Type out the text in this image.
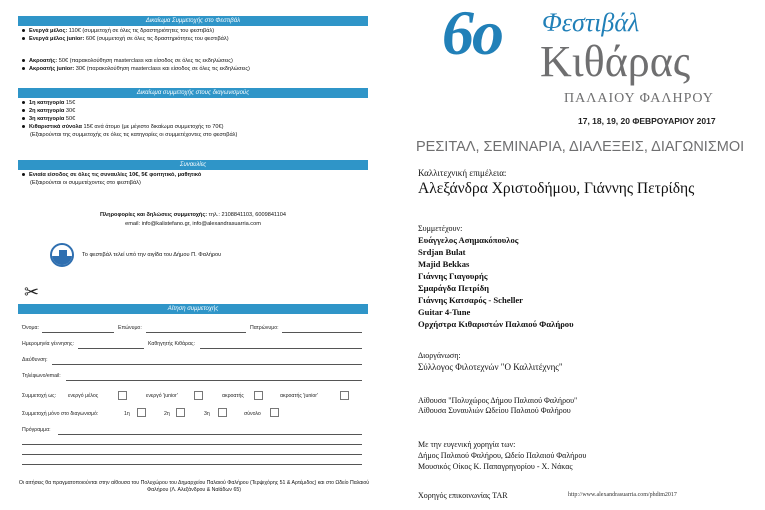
Δικαίωμα Συμμετοχής στο Φεστιβάλ
Ενεργά μέλος: 110€ (συμμετοχή σε όλες τις δραστηριότητες του φεστιβάλ)
Ενεργά μέλος junior: 60€ (συμμετοχή σε όλες τις δραστηριότητες του φεστιβάλ)
Ακροατής: 50€ (παρακολούθηση masterclass και είσοδος σε όλες τις εκδηλώσεις)
Ακροατής junior: 30€ (παρακολούθηση masterclass και είσοδος σε όλες τις εκδηλώσεις)
Δικαίωμα συμμετοχής στους διαγωνισμούς
1η κατηγορία 15€
2η κατηγορία 30€
3η κατηγορία 50€
Κιθαριστικά σύνολα 15€ ανά άτομο (με μέγιστο δικαίωμα συμμετοχής το 70€)
(Εξαιρούνται της συμμετοχής σε όλες τις κατηγορίες οι συμμετέχοντες στο φεστιβάλ)
Συναυλίες
Ενιαία είσοδος σε όλες τις συναυλίες 10€, 5€ φοιτητικό, μαθητικό
(Εξαιρούνται οι συμμετέχοντες στο φεστιβάλ)
Πληροφορίες και δηλώσεις συμμετοχής: τηλ.: 2108841103, 6009841104
email: info@kalistefano.gr, info@alexandrasuarria.com
Το φεστιβάλ τελεί υπό την αιγίδα του Δήμου Π. Φαλήρου
✂
Αίτηση συμμετοχής
Όνομα:	Επώνυμο:	Πατρώνυμο:
Ημερομηνία γέννησης:	Καθηγητής Κιθάρας:
Διεύθυνση:
Τηλέφωνο/email:
Συμμετοχή ως: ενεργό μέλος	ενεργό 'junior'	ακροατής	ακροατής 'junior'
Συμμετοχή μόνο στο διαγωνισμό:	1η	2η	3η	σύνολο
Πρόγραμμα:
Οι αιτήσεις θα πραγματοποιούνται στην αίθουσα του Πολυχώρου του Δημαρχείου Παλαιού Φαλήρου (Τερψιχόρης 51 & Αρτέμιδος) και στο Ωδείο Παλαιού Φαλήρου (Λ. Αλεξάνδρου & Ναϊάδων 65)
6ο Φεστιβάλ
Κιθάρας
ΠΑΛΑΙΟΥ ΦΑΛΗΡΟΥ
17, 18, 19, 20 ΦΕΒΡΟΥΑΡΙΟΥ 2017
ΡΕΣΙΤΑΛ, ΣΕΜΙΝΑΡΙΑ, ΔΙΑΛΕΞΕΙΣ, ΔΙΑΓΩΝΙΣΜΟΙ
Καλλιτεχνική επιμέλεια:
Αλεξάνδρα Χριστοδήμου, Γιάννης Πετρίδης
Συμμετέχουν:
Ευάγγελος Ασημακόπουλος
Srdjan Bulat
Majid Bekkas
Γιάννης Γιαγουρής
Σμαράγδα Πετρίδη
Γιάννης Κατσαρός - Scheller
Guitar 4-Tune
Ορχήστρα Κιθαριστών Παλαιού Φαλήρου
Διοργάνωση:
Σύλλογος Φιλοτεχνών "Ο Καλλιτέχνης"
Αίθουσα "Πολυχώρος Δήμου Παλαιού Φαλήρου"
Αίθουσα Συναυλιών Ωδείου Παλαιού Φαλήρου
Με την ευγενική χορηγία των:
Δήμος Παλαιού Φαλήρου, Ωδείο Παλαιού Φαλήρου
Μουσικός Οίκος Κ. Παπαγρηγορίου - Χ. Νάκας
Χορηγός επικοινωνίας TAR	http://www.alexandrasuarria.com/phdim2017
